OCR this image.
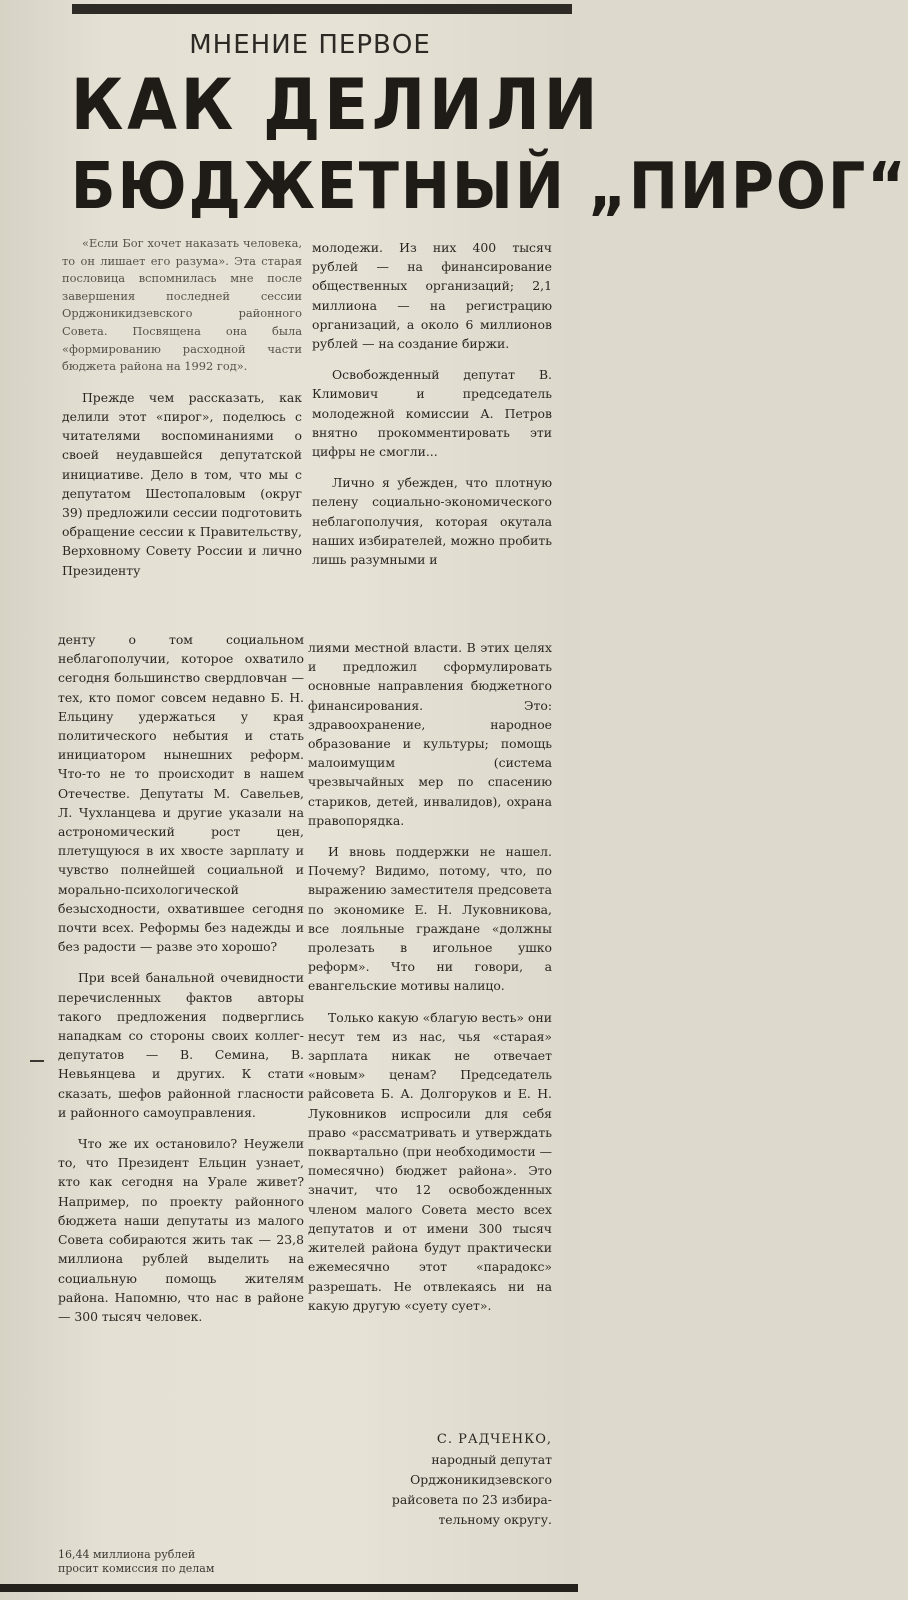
МНЕНИЕ ПЕРВОЕ
КАК ДЕЛИЛИ
БЮДЖЕТНЫЙ „ПИРОГ“

«Если Бог хочет наказать человека, то он лишает его разума». Эта старая пословица вспомнилась мне после завершения последней сессии Орджоникидзевского районного Совета. Посвящена она была «формированию расходной части бюджета района на 1992 год».

Прежде чем рассказать, как делили этот «пирог», поделюсь с читателями воспоминаниями о своей неудавшейся депутатской инициативе. Дело в том, что мы с депутатом Шестопаловым (округ 39) предложили сессии подготовить обращение сессии к Правительству, Верховному Совету России и лично Президенту

молодежи. Из них 400 тысяч рублей — на финансирование общественных организаций; 2,1 миллиона — на регистрацию организаций, а около 6 миллионов рублей — на создание биржи.

Освобожденный депутат В. Климович и председатель молодежной комиссии А. Петров внятно прокомментировать эти цифры не смогли...

Лично я убежден, что плотную пелену социально-экономического неблагополучия, которая окутала наших избирателей, можно пробить лишь разумными и

денту о том социальном неблагополучии, которое охватило сегодня большинство свердловчан — тех, кто помог совсем недавно Б. Н. Ельцину удержаться у края политического небытия и стать инициатором нынешних реформ. Что-то не то происходит в нашем Отечестве. Депутаты М. Савельев, Л. Чухланцева и другие указали на астрономический рост цен, плетущуюся в их хвосте зарплату и чувство полнейшей социальной и морально-психологической безысходности, охватившее сегодня почти всех. Реформы без надежды и без радости — разве это хорошо?

При всей банальной очевидности перечисленных фактов авторы такого предложения подверглись нападкам со стороны своих коллег-депутатов — В. Семина, В. Невьянцева и других. К стати сказать, шефов районной гласности и районного самоуправления.

Что же их остановило? Неужели то, что Президент Ельцин узнает, кто как сегодня на Урале живет? Например, по проекту районного бюджета наши депутаты из малого Совета собираются жить так — 23,8 миллиона рублей выделить на социальную помощь жителям района. Напомню, что нас в районе — 300 тысяч человек.

лиями местной власти. В этих целях и предложил сформулировать основные направления бюджетного финансирования. Это: здравоохранение, народное образование и культуры; помощь малоимущим (система чрезвычайных мер по спасению стариков, детей, инвалидов), охрана правопорядка.

И вновь поддержки не нашел. Почему? Видимо, потому, что, по выражению заместителя предсовета по экономике Е. Н. Луковникова, все лояльные граждане «должны пролезать в игольное ушко реформ». Что ни говори, а евангельские мотивы налицо.

Только какую «благую весть» они несут тем из нас, чья «старая» зарплата никак не отвечает «новым» ценам? Председатель райсовета Б. А. Долгоруков и Е. Н. Луковников испросили для себя право «рассматривать и утверждать поквартально (при необходимости — помесячно) бюджет района». Это значит, что 12 освобожденных членом малого Совета место всех депутатов и от имени 300 тысяч жителей района будут практически ежемесячно этот «парадокс» разрешать. Не отвлекаясь ни на какую другую «суету сует».

С. РАДЧЕНКО,
народный депутат
Орджоникидзевского
райсовета по 23 избира-
тельному округу.
16,44 миллиона рублей
просит комиссия по делам
